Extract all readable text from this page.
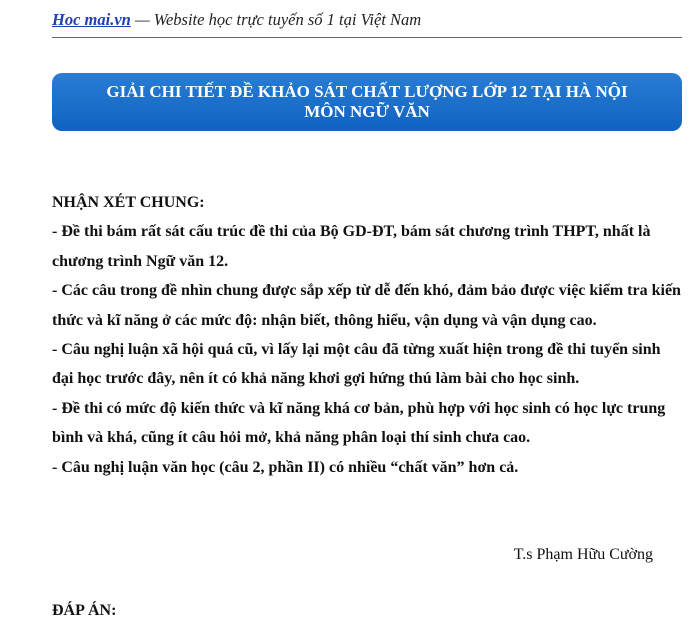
Hoc mai.vn — Website học trực tuyến số 1 tại Việt Nam
GIẢI CHI TIẾT ĐỀ KHẢO SÁT CHẤT LƯỢNG LỚP 12 TẠI HÀ NỘI
MÔN NGỮ VĂN

NHẬN XÉT CHUNG:

- Đề thi bám rất sát cấu trúc đề thi của Bộ GD-ĐT, bám sát chương trình THPT, nhất là chương trình Ngữ văn 12.

- Các câu trong đề nhìn chung được sắp xếp từ dễ đến khó, đảm bảo được việc kiểm tra kiến thức và kĩ năng ở các mức độ: nhận biết, thông hiểu, vận dụng và vận dụng cao.

- Câu nghị luận xã hội quá cũ, vì lấy lại một câu đã từng xuất hiện trong đề thi tuyển sinh đại học trước đây, nên ít có khả năng khơi gợi hứng thú làm bài cho học sinh.

- Đề thi có mức độ kiến thức và kĩ năng khá cơ bản, phù hợp với học sinh có học lực trung bình và khá, cũng ít câu hỏi mở, khả năng phân loại thí sinh chưa cao.

- Câu nghị luận văn học (câu 2, phần II) có nhiều “chất văn” hơn cả.

T.s Phạm Hữu Cường
ĐÁP ÁN:
